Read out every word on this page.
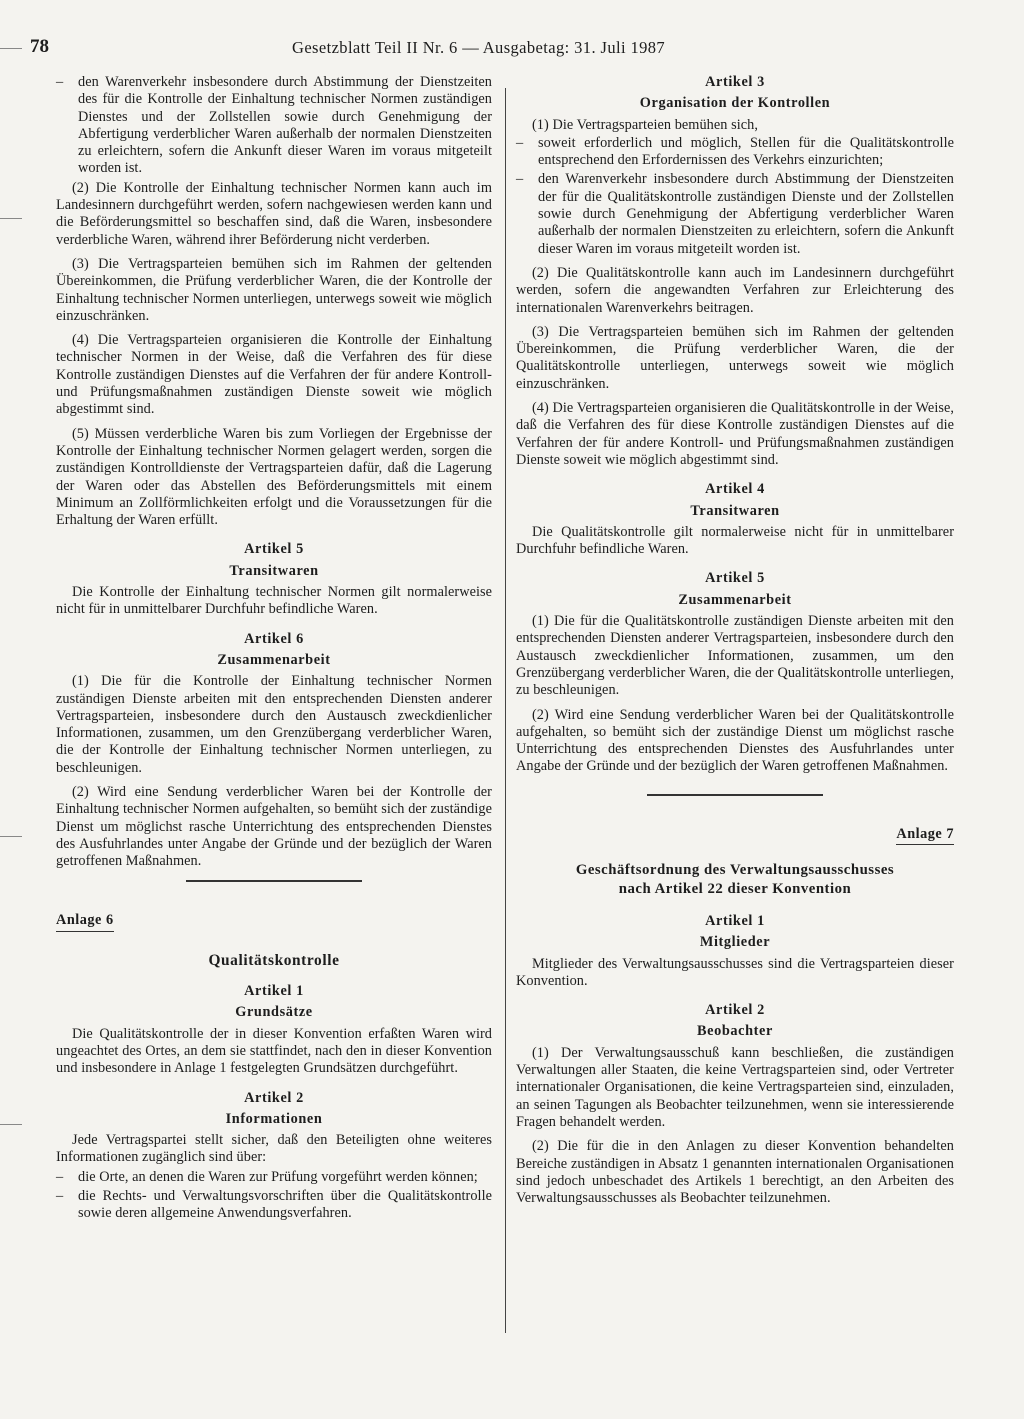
78	Gesetzblatt Teil II Nr. 6 — Ausgabetag: 31. Juli 1987
– den Warenverkehr insbesondere durch Abstimmung der Dienstzeiten des für die Kontrolle der Einhaltung technischer Normen zuständigen Dienstes und der Zollstellen sowie durch Genehmigung der Abfertigung verderblicher Waren außerhalb der normalen Dienstzeiten zu erleichtern, sofern die Ankunft dieser Waren im voraus mitgeteilt worden ist.

(2) Die Kontrolle der Einhaltung technischer Normen kann auch im Landesinnern durchgeführt werden, sofern nachgewiesen werden kann und die Beförderungsmittel so beschaffen sind, daß die Waren, insbesondere verderbliche Waren, während ihrer Beförderung nicht verderben.

(3) Die Vertragsparteien bemühen sich im Rahmen der geltenden Übereinkommen, die Prüfung verderblicher Waren, die der Kontrolle der Einhaltung technischer Normen unterliegen, unterwegs soweit wie möglich einzuschränken.

(4) Die Vertragsparteien organisieren die Kontrolle der Einhaltung technischer Normen in der Weise, daß die Verfahren des für diese Kontrolle zuständigen Dienstes auf die Verfahren der für andere Kontroll- und Prüfungsmaßnahmen zuständigen Dienste soweit wie möglich abgestimmt sind.

(5) Müssen verderbliche Waren bis zum Vorliegen der Ergebnisse der Kontrolle der Einhaltung technischer Normen gelagert werden, sorgen die zuständigen Kontrolldienste der Vertragsparteien dafür, daß die Lagerung der Waren oder das Abstellen des Beförderungsmittels mit einem Minimum an Zollförmlichkeiten erfolgt und die Voraussetzungen für die Erhaltung der Waren erfüllt.

Artikel 5
Transitwaren

Die Kontrolle der Einhaltung technischer Normen gilt normalerweise nicht für in unmittelbarer Durchfuhr befindliche Waren.

Artikel 6
Zusammenarbeit

(1) Die für die Kontrolle der Einhaltung technischer Normen zuständigen Dienste arbeiten mit den entsprechenden Diensten anderer Vertragsparteien, insbesondere durch den Austausch zweckdienlicher Informationen, zusammen, um den Grenzübergang verderblicher Waren, die der Kontrolle der Einhaltung technischer Normen unterliegen, zu beschleunigen.

(2) Wird eine Sendung verderblicher Waren bei der Kontrolle der Einhaltung technischer Normen aufgehalten, so bemüht sich der zuständige Dienst um möglichst rasche Unterrichtung des entsprechenden Dienstes des Ausfuhrlandes unter Angabe der Gründe und der bezüglich der Waren getroffenen Maßnahmen.

Anlage 6
Qualitätskontrolle
Artikel 1
Grundsätze

Die Qualitätskontrolle der in dieser Konvention erfaßten Waren wird ungeachtet des Ortes, an dem sie stattfindet, nach den in dieser Konvention und insbesondere in Anlage 1 festgelegten Grundsätzen durchgeführt.

Artikel 2
Informationen

Jede Vertragspartei stellt sicher, daß den Beteiligten ohne weiteres Informationen zugänglich sind über:

– die Orte, an denen die Waren zur Prüfung vorgeführt werden können;
– die Rechts- und Verwaltungsvorschriften über die Qualitätskontrolle sowie deren allgemeine Anwendungsverfahren.
Artikel 3
Organisation der Kontrollen

(1) Die Vertragsparteien bemühen sich,

– soweit erforderlich und möglich, Stellen für die Qualitätskontrolle entsprechend den Erfordernissen des Verkehrs einzurichten;
– den Warenverkehr insbesondere durch Abstimmung der Dienstzeiten der für die Qualitätskontrolle zuständigen Dienste und der Zollstellen sowie durch Genehmigung der Abfertigung verderblicher Waren außerhalb der normalen Dienstzeiten zu erleichtern, sofern die Ankunft dieser Waren im voraus mitgeteilt worden ist.

(2) Die Qualitätskontrolle kann auch im Landesinnern durchgeführt werden, sofern die angewandten Verfahren zur Erleichterung des internationalen Warenverkehrs beitragen.

(3) Die Vertragsparteien bemühen sich im Rahmen der geltenden Übereinkommen, die Prüfung verderblicher Waren, die der Qualitätskontrolle unterliegen, unterwegs soweit wie möglich einzuschränken.

(4) Die Vertragsparteien organisieren die Qualitätskontrolle in der Weise, daß die Verfahren des für diese Kontrolle zuständigen Dienstes auf die Verfahren der für andere Kontroll- und Prüfungsmaßnahmen zuständigen Dienste soweit wie möglich abgestimmt sind.

Artikel 4
Transitwaren

Die Qualitätskontrolle gilt normalerweise nicht für in unmittelbarer Durchfuhr befindliche Waren.

Artikel 5
Zusammenarbeit

(1) Die für die Qualitätskontrolle zuständigen Dienste arbeiten mit den entsprechenden Diensten anderer Vertragsparteien, insbesondere durch den Austausch zweckdienlicher Informationen, zusammen, um den Grenzübergang verderblicher Waren, die der Qualitätskontrolle unterliegen, zu beschleunigen.

(2) Wird eine Sendung verderblicher Waren bei der Qualitätskontrolle aufgehalten, so bemüht sich der zuständige Dienst um möglichst rasche Unterrichtung des entsprechenden Dienstes des Ausfuhrlandes unter Angabe der Gründe und der bezüglich der Waren getroffenen Maßnahmen.

Anlage 7
Geschäftsordnung des Verwaltungsausschusses
nach Artikel 22 dieser Konvention
Artikel 1
Mitglieder

Mitglieder des Verwaltungsausschusses sind die Vertragsparteien dieser Konvention.

Artikel 2
Beobachter

(1) Der Verwaltungsausschuß kann beschließen, die zuständigen Verwaltungen aller Staaten, die keine Vertragsparteien sind, oder Vertreter internationaler Organisationen, die keine Vertragsparteien sind, einzuladen, an seinen Tagungen als Beobachter teilzunehmen, wenn sie interessierende Fragen behandelt werden.

(2) Die für die in den Anlagen zu dieser Konvention behandelten Bereiche zuständigen in Absatz 1 genannten internationalen Organisationen sind jedoch unbeschadet des Artikels 1 berechtigt, an den Arbeiten des Verwaltungsausschusses als Beobachter teilzunehmen.
